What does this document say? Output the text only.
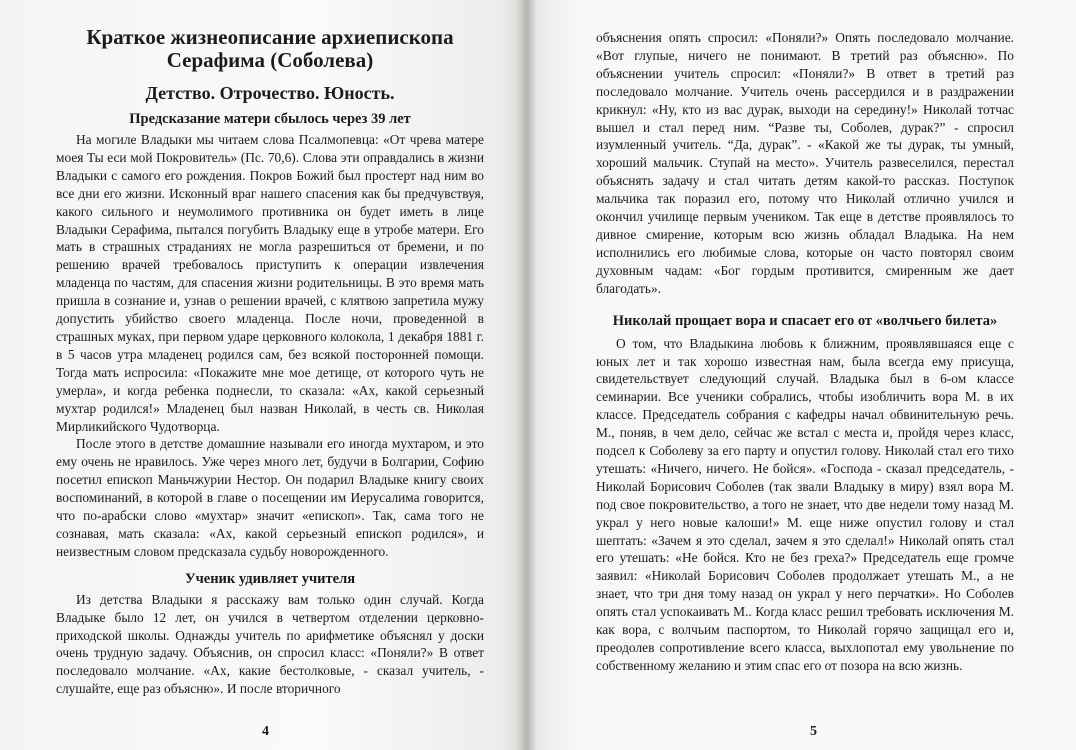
Краткое жизнеописание архиепископа Серафима (Соболева)
Детство. Отрочество. Юность.
Предсказание матери сбылось через 39 лет

На могиле Владыки мы читаем слова Псалмопевца: «От чрева матере моея Ты еси мой Покровитель» (Пс. 70,6). Слова эти оправдались в жизни Владыки с самого его рождения. Покров Божий был простерт над ним во все дни его жизни. Исконный враг нашего спасения как бы предчувствуя, какого сильного и неумолимого противника он будет иметь в лице Владыки Серафима, пытался погубить Владыку еще в утробе матери. Его мать в страшных страданиях не могла разрешиться от бремени, и по решению врачей требовалось приступить к операции извлечения младенца по частям, для спасения жизни родительницы. В это время мать пришла в сознание и, узнав о решении врачей, с клятвою запретила мужу допустить убийство своего младенца. После ночи, проведенной в страшных муках, при первом ударе церковного колокола, 1 декабря 1881 г. в 5 часов утра младенец родился сам, без всякой посторонней помощи. Тогда мать испросила: «Покажите мне мое детище, от которого чуть не умерла», и когда ребенка поднесли, то сказала: «Ах, какой серьезный мухтар родился!» Младенец был назван Николай, в честь св. Николая Мирликийского Чудотворца.

После этого в детстве домашние называли его иногда мухтаром, и это ему очень не нравилось. Уже через много лет, будучи в Болгарии, Софию посетил епископ Маньчжурии Нестор. Он подарил Владыке книгу своих воспоминаний, в которой в главе о посещении им Иерусалима говорится, что по-арабски слово «мухтар» значит «епископ». Так, сама того не сознавая, мать сказала: «Ах, какой серьезный епископ родился», и неизвестным словом предсказала судьбу новорожденного.

Ученик удивляет учителя

Из детства Владыки я расскажу вам только один случай. Когда Владыке было 12 лет, он учился в четвертом отделении церковно-приходской школы. Однажды учитель по арифметике объяснял у доски очень трудную задачу. Объяснив, он спросил класс: «Поняли?» В ответ последовало молчание. «Ах, какие бестолковые, - сказал учитель, - слушайте, еще раз объясню». И после вторичного

4

объяснения опять спросил: «Поняли?» Опять последовало молчание. «Вот глупые, ничего не понимают. В третий раз объясню». По объяснении учитель спросил: «Поняли?» В ответ в третий раз последовало молчание. Учитель очень рассердился и в раздражении крикнул: «Ну, кто из вас дурак, выходи на середину!» Николай тотчас вышел и стал перед ним. “Разве ты, Соболев, дурак?” - спросил изумленный учитель. “Да, дурак”. - «Какой же ты дурак, ты умный, хороший мальчик. Ступай на место». Учитель развеселился, перестал объяснять задачу и стал читать детям какой-то рассказ. Поступок мальчика так поразил его, потому что Николай отлично учился и окончил училище первым учеником. Так еще в детстве проявлялось то дивное смирение, которым всю жизнь обладал Владыка. На нем исполнились его любимые слова, которые он часто повторял своим духовным чадам: «Бог гордым противится, смиренным же дает благодать».

Николай прощает вора и спасает его от «волчьего билета»

О том, что Владыкина любовь к ближним, проявлявшаяся еще с юных лет и так хорошо известная нам, была всегда ему присуща, свидетельствует следующий случай. Владыка был в 6-ом классе семинарии. Все ученики собрались, чтобы изобличить вора М. в их классе. Председатель собрания с кафедры начал обвинительную речь. М., поняв, в чем дело, сейчас же встал с места и, пройдя через класс, подсел к Соболеву за его парту и опустил голову. Николай стал его тихо утешать: «Ничего, ничего. Не бойся». «Господа - сказал председатель, - Николай Борисович Соболев (так звали Владыку в миру) взял вора М. под свое покровительство, а того не знает, что две недели тому назад М. украл у него новые калоши!» М. еще ниже опустил голову и стал шептать: «Зачем я это сделал, зачем я это сделал!» Николай опять стал его утешать: «Не бойся. Кто не без греха?» Председатель еще громче заявил: «Николай Борисович Соболев продолжает утешать М., а не знает, что три дня тому назад он украл у него перчатки». Но Соболев опять стал успокаивать М.. Когда класс решил требовать исключения М. как вора, с волчьим паспортом, то Николай горячо защищал его и, преодолев сопротивление всего класса, выхлопотал ему увольнение по собственному желанию и этим спас его от позора на всю жизнь.

5
